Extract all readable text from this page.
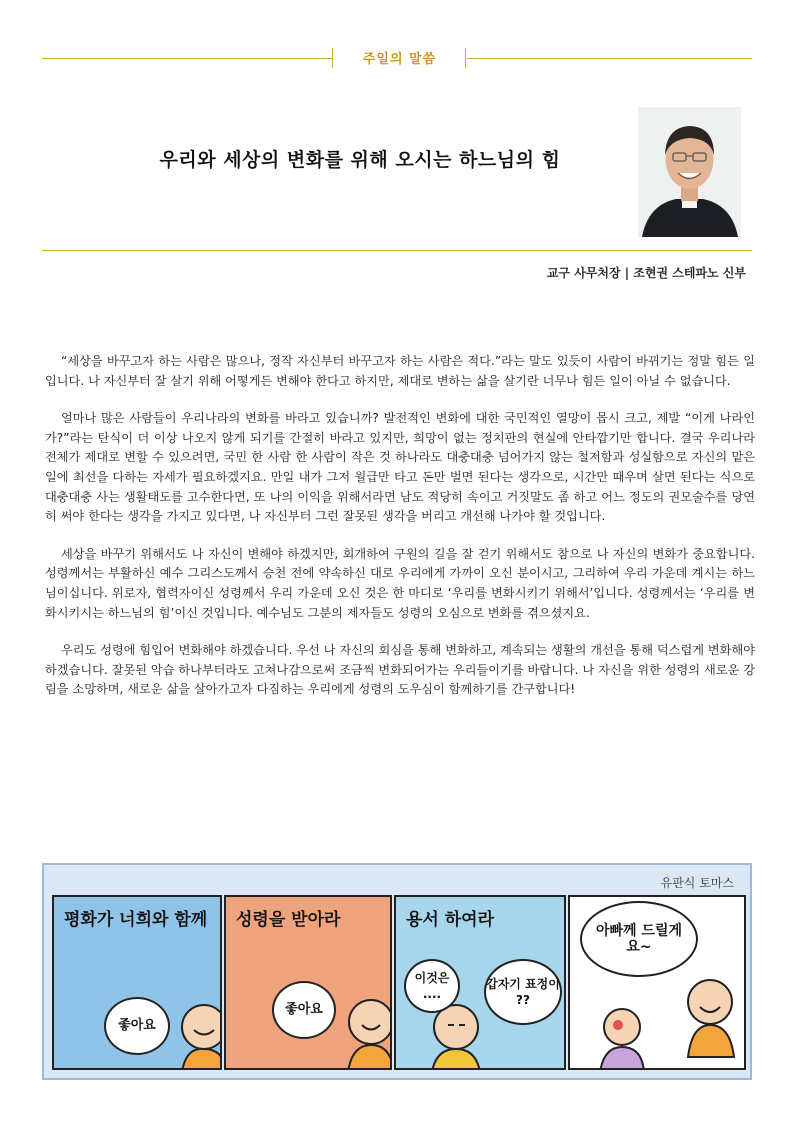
주일의 말씀
우리와 세상의 변화를 위해 오시는 하느님의 힘
교구 사무처장 | 조현권 스테파노 신부

“세상을 바꾸고자 하는 사람은 많으나, 정작 자신부터 바꾸고자 하는 사람은 적다.”라는 말도 있듯이 사람이 바뀌기는 정말 힘든 일입니다. 나 자신부터 잘 살기 위해 어떻게든 변해야 한다고 하지만, 제대로 변하는 삶을 살기란 너무나 힘든 일이 아닐 수 없습니다.

얼마나 많은 사람들이 우리나라의 변화를 바라고 있습니까? 발전적인 변화에 대한 국민적인 열망이 몹시 크고, 제발 “이게 나라인가?”라는 탄식이 더 이상 나오지 않게 되기를 간절히 바라고 있지만, 희망이 없는 정치판의 현실에 안타깝기만 합니다. 결국 우리나라 전체가 제대로 변할 수 있으려면, 국민 한 사람 한 사람이 작은 것 하나라도 대충대충 넘어가지 않는 철저함과 성실함으로 자신의 맡은 일에 최선을 다하는 자세가 필요하겠지요. 만일 내가 그저 월급만 타고 돈만 벌면 된다는 생각으로, 시간만 때우며 살면 된다는 식으로 대충대충 사는 생활태도를 고수한다면, 또 나의 이익을 위해서라면 남도 적당히 속이고 거짓말도 좀 하고 어느 정도의 권모술수를 당연히 써야 한다는 생각을 가지고 있다면, 나 자신부터 그런 잘못된 생각을 버리고 개선해 나가야 할 것입니다.

세상을 바꾸기 위해서도 나 자신이 변해야 하겠지만, 회개하여 구원의 길을 잘 걷기 위해서도 참으로 나 자신의 변화가 중요합니다. 성령께서는 부활하신 예수 그리스도께서 승천 전에 약속하신 대로 우리에게 가까이 오신 분이시고, 그리하여 우리 가운데 계시는 하느님이십니다. 위로자, 협력자이신 성령께서 우리 가운데 오신 것은 한 마디로 ‘우리를 변화시키기 위해서’입니다. 성령께서는 ‘우리를 변화시키시는 하느님의 힘’이신 것입니다. 예수님도 그분의 제자들도 성령의 오심으로 변화를 겪으셨지요.

우리도 성령에 힘입어 변화해야 하겠습니다. 우선 나 자신의 회심을 통해 변화하고, 계속되는 생활의 개선을 통해 덕스럽게 변화해야 하겠습니다. 잘못된 악습 하나부터라도 고쳐나감으로써 조금씩 변화되어가는 우리들이기를 바랍니다. 나 자신을 위한 성령의 새로운 강림을 소망하며, 새로운 삶을 살아가고자 다짐하는 우리에게 성령의 도우심이 함께하기를 간구합니다!

유판식 토마스
평화가 너희와 함께
좋아요
성령을 받아라
좋아요
용서 하여라
이것은 ....
갑자기 표정이 ??
아빠께 드릴게요~
